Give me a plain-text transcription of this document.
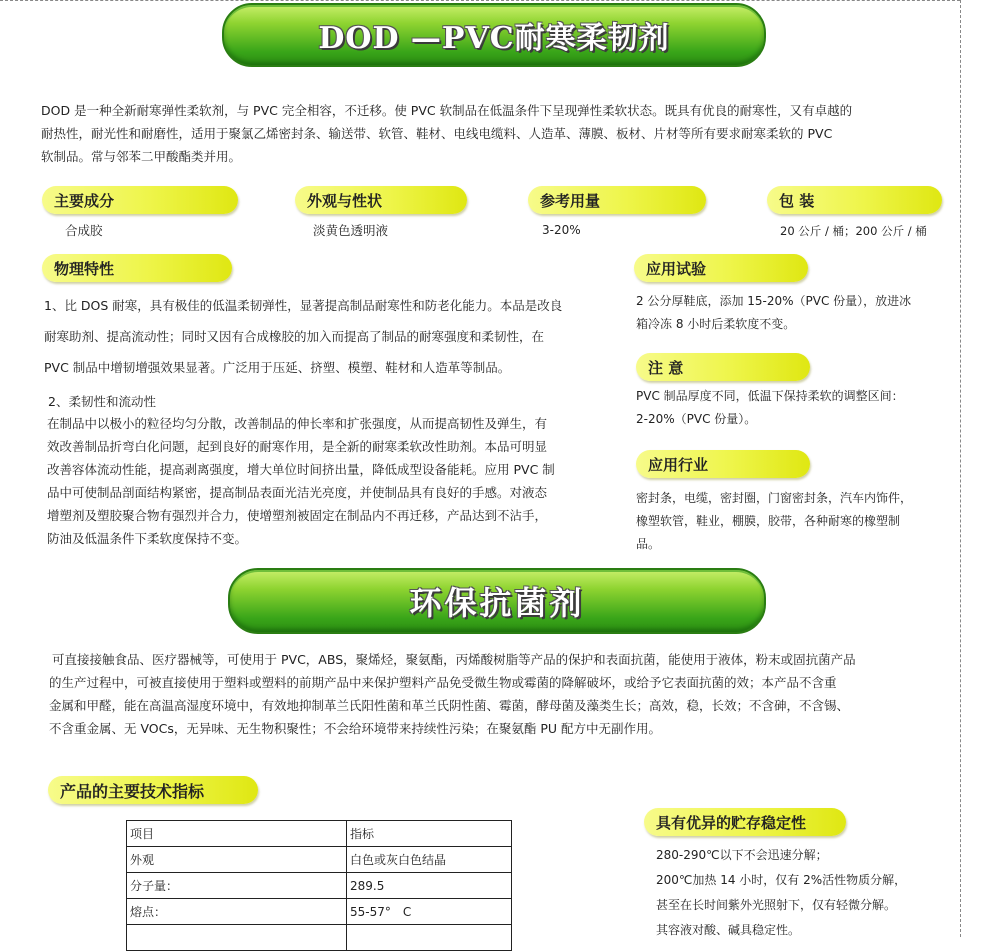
DOD —PVC耐寒柔韧剂
DOD 是一种全新耐寒弹性柔软剂，与 PVC 完全相容，不迁移。使 PVC 软制品在低温条件下呈现弹性柔软状态。既具有优良的耐寒性，又有卓越的
耐热性，耐光性和耐磨性，适用于聚氯乙烯密封条、输送带、软管、鞋材、电线电缆料、人造革、薄膜、板材、片材等所有要求耐寒柔软的 PVC
软制品。常与邻苯二甲酸酯类并用。
主要成分
合成胶
外观与性状
淡黄色透明液
参考用量
3-20%
包 装
20 公斤 / 桶；200 公斤 / 桶
物理特性
1、比 DOS 耐寒，具有极佳的低温柔韧弹性，显著提高制品耐寒性和防老化能力。本品是改良
耐寒助剂、提高流动性；同时又因有合成橡胶的加入而提高了制品的耐寒强度和柔韧性，在
PVC 制品中增韧增强效果显著。广泛用于压延、挤塑、模塑、鞋材和人造革等制品。
2、柔韧性和流动性
在制品中以极小的粒径均匀分散，改善制品的伸长率和扩张强度，从而提高韧性及弹生，有
效改善制品折弯白化问题，起到良好的耐寒作用，是全新的耐寒柔软改性助剂。本品可明显
改善容体流动性能，提高剥离强度，增大单位时间挤出量，降低成型设备能耗。应用 PVC 制
品中可使制品剖面结构紧密，提高制品表面光洁光亮度，并使制品具有良好的手感。对液态
增塑剂及塑胶聚合物有强烈并合力，使增塑剂被固定在制品内不再迁移，产品达到不沾手，
防油及低温条件下柔软度保持不变。
应用试验
2 公分厚鞋底，添加 15-20%（PVC 份量），放进冰
箱冷冻 8 小时后柔软度不变。
注 意
PVC 制品厚度不同，低温下保持柔软的调整区间：
2-20%（PVC 份量）。
应用行业
密封条，电缆，密封圈，门窗密封条，汽车内饰件，
橡塑软管，鞋业，棚膜，胶带，各种耐寒的橡塑制
品。
环保抗菌剂
可直接接触食品、医疗器械等，可使用于 PVC，ABS，聚烯烃，聚氨酯，丙烯酸树脂等产品的保护和表面抗菌，能使用于液体，粉末或固抗菌产品
的生产过程中，可被直接使用于塑料或塑料的前期产品中来保护塑料产品免受微生物或霉菌的降解破坏，或给予它表面抗菌的效；本产品不含重
金属和甲醛，能在高温高湿度环境中，有效地抑制革兰氏阳性菌和革兰氏阴性菌、霉菌，酵母菌及藻类生长；高效，稳，长效；不含砷，不含锡、
不含重金属、无 VOCs，无异味、无生物积聚性；不会给环境带来持续性污染；在聚氨酯 PU 配方中无副作用。
产品的主要技术指标
项目	指标
外观	白色或灰白色结晶
分子量：	289.5
熔点：	55-57°　C

具有优异的贮存稳定性
280-290℃以下不会迅速分解；
200℃加热 14 小时，仅有 2%活性物质分解，
甚至在长时间紫外光照射下，仅有轻微分解。
其容液对酸、碱具稳定性。
